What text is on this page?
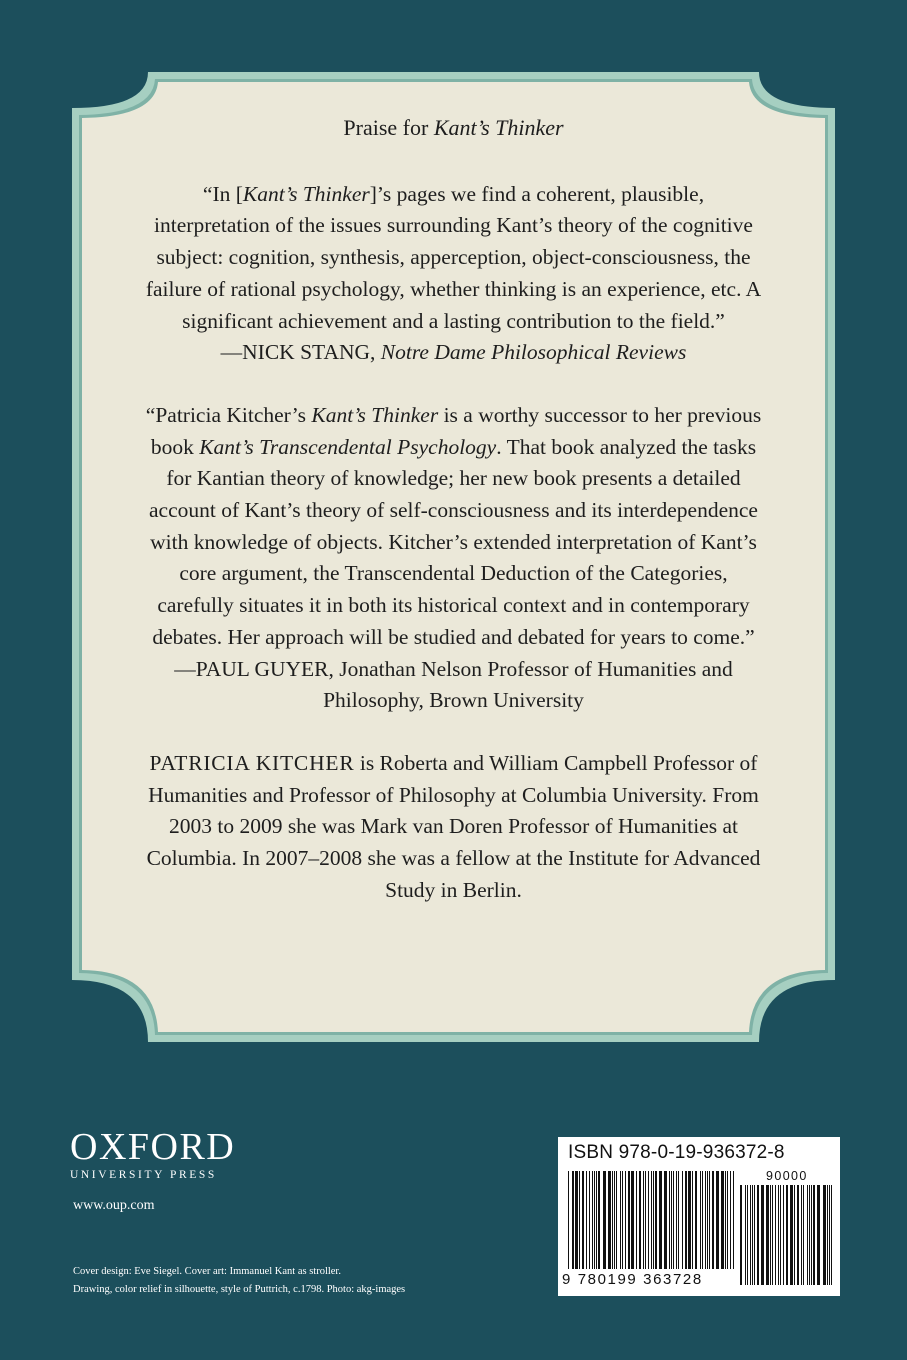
Praise for Kant’s Thinker

“In [Kant’s Thinker]’s pages we find a coherent, plausible, interpretation of the issues surrounding Kant’s theory of the cognitive subject: cognition, synthesis, apperception, object-consciousness, the failure of rational psychology, whether thinking is an experience, etc. A significant achievement and a lasting contribution to the field.”
—NICK STANG, Notre Dame Philosophical Reviews

“Patricia Kitcher’s Kant’s Thinker is a worthy successor to her previous book Kant’s Transcendental Psychology. That book analyzed the tasks for Kantian theory of knowledge; her new book presents a detailed account of Kant’s theory of self-consciousness and its interdependence with knowledge of objects. Kitcher’s extended interpretation of Kant’s core argument, the Transcendental Deduction of the Categories, carefully situates it in both its historical context and in contemporary debates. Her approach will be studied and debated for years to come.”
—PAUL GUYER, Jonathan Nelson Professor of Humanities and Philosophy, Brown University

PATRICIA KITCHER is Roberta and William Campbell Professor of Humanities and Professor of Philosophy at Columbia University. From 2003 to 2009 she was Mark van Doren Professor of Humanities at Columbia. In 2007–2008 she was a fellow at the Institute for Advanced Study in Berlin.

OXFORD
UNIVERSITY PRESS
www.oup.com
Cover design: Eve Siegel. Cover art: Immanuel Kant as stroller.
Drawing, color relief in silhouette, style of Puttrich, c.1798. Photo: akg-images
ISBN 978-0-19-936372-8
90000
9 780199 363728
